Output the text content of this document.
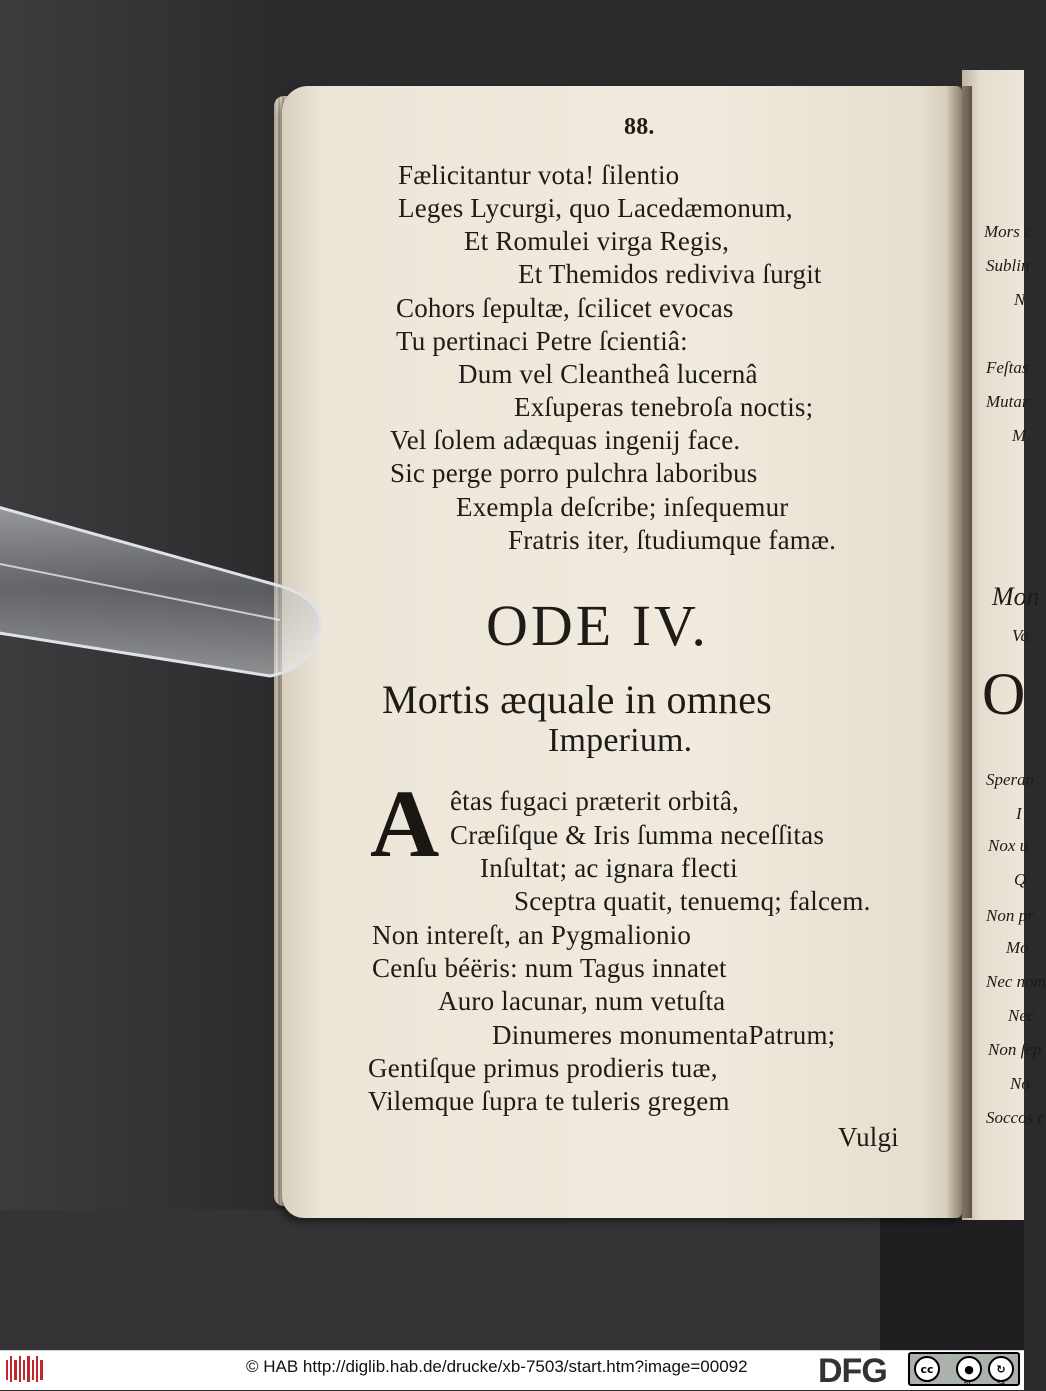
Mors c
Sublin
N
Feſtas
Mutar
M
Mon
Va
O
Speran
I
Nox u
Q
Non pr
Mo
Nec nom
Nec
Non ſep
No
Soccos c
88.
Fælicitantur vota! ſilentio
Leges Lycurgi, quo Lacedæmonum,
Et Romulei virga Regis,
Et Themidos rediviva ſurgit
Cohors ſepultæ, ſcilicet evocas
Tu pertinaci Petre ſcientiâ:
Dum vel Cleantheâ lucernâ
Exſuperas tenebroſa noctis;
Vel ſolem adæquas ingenij face.
Sic perge porro pulchra laboribus
Exempla deſcribe; inſequemur
Fratris iter, ſtudiumque famæ.
ODE IV.
Mortis æquale in omnes
Imperium.
A êtas fugaci præterit orbitâ,
Cræſiſque & Iris ſumma neceſſitas
Inſultat; ac ignara flecti
Sceptra quatit, tenuemq; falcem.
Non intereſt, an Pygmalionio
Cenſu béëris: num Tagus innatet
Auro lacunar, num vetuſta
Dinumeres monumentaPatrum;
Gentiſque primus prodieris tuæ,
Vilemque ſupra te tuleris gregem
Vulgi
© HAB http://diglib.hab.de/drucke/xb-7503/start.htm?image=00092 DFG	cc	●	↻
BY	SA
